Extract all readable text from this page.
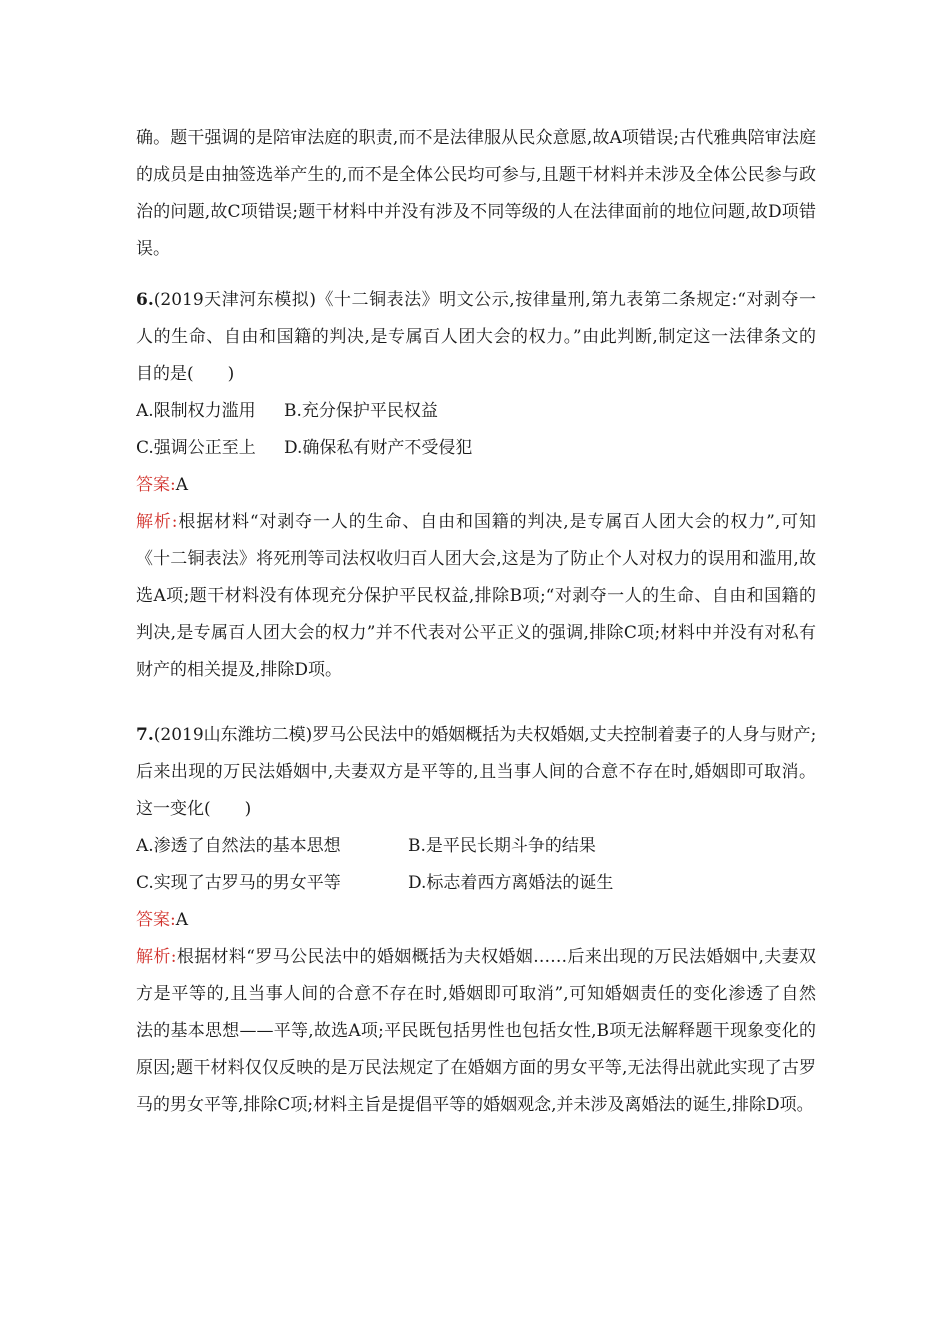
确。题干强调的是陪审法庭的职责,而不是法律服从民众意愿,故A项错误;古代雅典陪审法庭
的成员是由抽签选举产生的,而不是全体公民均可参与,且题干材料并未涉及全体公民参与政
治的问题,故C项错误;题干材料中并没有涉及不同等级的人在法律面前的地位问题,故D项错
误。
6.(2019天津河东模拟)《十二铜表法》明文公示,按律量刑,第九表第二条规定:“对剥夺一
人的生命、自由和国籍的判决,是专属百人团大会的权力。”由此判断,制定这一法律条文的
目的是(　　)
A.限制权力滥用 B.充分保护平民权益
C.强调公正至上 D.确保私有财产不受侵犯
答案:A
解析:根据材料“对剥夺一人的生命、自由和国籍的判决,是专属百人团大会的权力”,可知
《十二铜表法》将死刑等司法权收归百人团大会,这是为了防止个人对权力的误用和滥用,故
选A项;题干材料没有体现充分保护平民权益,排除B项;“对剥夺一人的生命、自由和国籍的
判决,是专属百人团大会的权力”并不代表对公平正义的强调,排除C项;材料中并没有对私有
财产的相关提及,排除D项。
7.(2019山东潍坊二模)罗马公民法中的婚姻概括为夫权婚姻,丈夫控制着妻子的人身与财产;
后来出现的万民法婚姻中,夫妻双方是平等的,且当事人间的合意不存在时,婚姻即可取消。
这一变化(　　)
A.渗透了自然法的基本思想	B.是平民长期斗争的结果
C.实现了古罗马的男女平等	D.标志着西方离婚法的诞生
答案:A
解析:根据材料“罗马公民法中的婚姻概括为夫权婚姻……后来出现的万民法婚姻中,夫妻双
方是平等的,且当事人间的合意不存在时,婚姻即可取消”,可知婚姻责任的变化渗透了自然
法的基本思想——平等,故选A项;平民既包括男性也包括女性,B项无法解释题干现象变化的
原因;题干材料仅仅反映的是万民法规定了在婚姻方面的男女平等,无法得出就此实现了古罗
马的男女平等,排除C项;材料主旨是提倡平等的婚姻观念,并未涉及离婚法的诞生,排除D项。
